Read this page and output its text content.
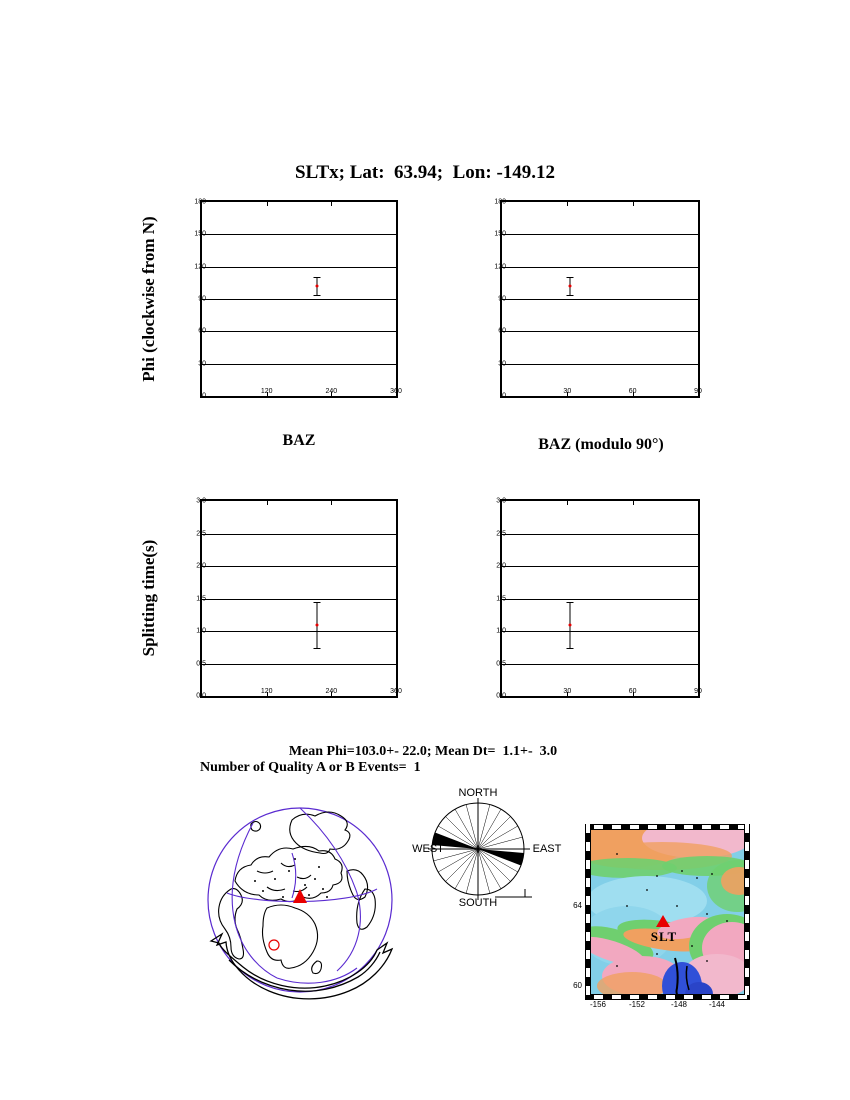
SLTx; Lat:  63.94;  Lon: -149.12
Phi (clockwise from N)
Splitting time(s)
0
30
60
90
120
150
180
120	240	360
0
30
60
90
120
150
180
30	60	90
0.0
0.5
1.0
1.5
2.0
2.5
3.0
120	240	360
0.0
0.5
1.0
1.5
2.0
2.5
3.0
30	60	90
BAZ	BAZ (modulo 90°)
Mean Phi=103.0+- 22.0; Mean Dt=  1.1+-  3.0
Number of Quality A or B Events=  1
NORTH
SOUTH
EAST
WEST
SLT
64
60
-156	-152	-148	-144
